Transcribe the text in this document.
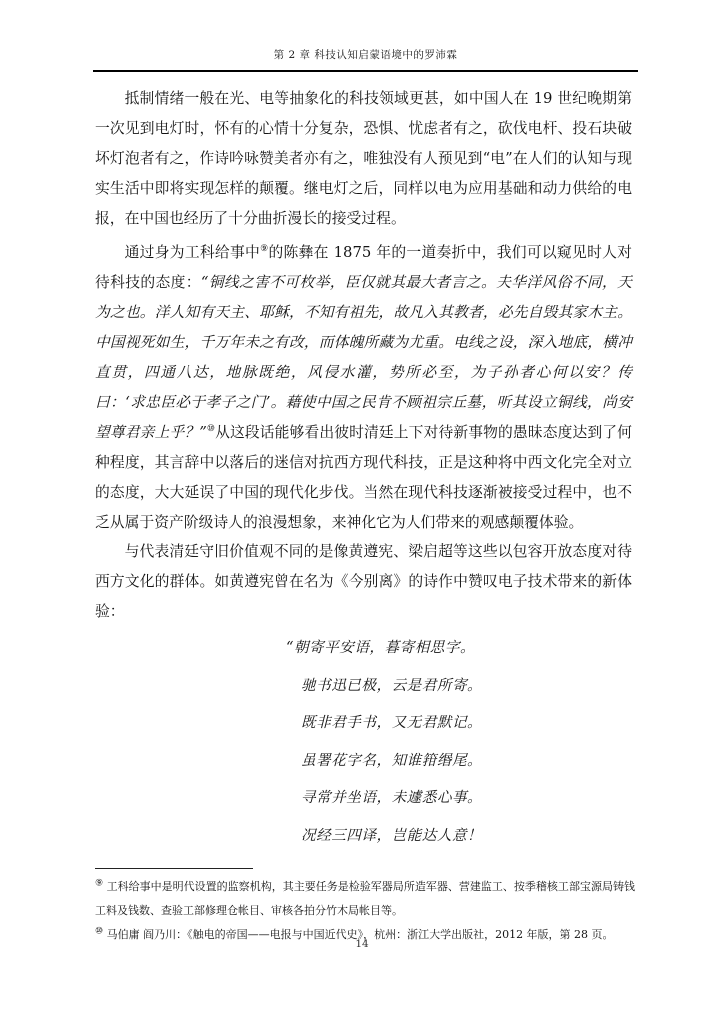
第 2 章 科技认知启蒙语境中的罗沛霖
抵制情绪一般在光、电等抽象化的科技领域更甚，如中国人在 19 世纪晚期第一次见到电灯时，怀有的心情十分复杂，恐惧、忧虑者有之，砍伐电杆、投石块破坏灯泡者有之，作诗吟咏赞美者亦有之，唯独没有人预见到“电”在人们的认知与现实生活中即将实现怎样的颠覆。继电灯之后，同样以电为应用基础和动力供给的电报，在中国也经历了十分曲折漫长的接受过程。
通过身为工科给事中⑨的陈彝在 1875 年的一道奏折中，我们可以窥见时人对待科技的态度：“铜线之害不可枚举，臣仅就其最大者言之。夫华洋风俗不同，天为之也。洋人知有天主、耶稣，不知有祖先，故凡入其教者，必先自毁其家木主。中国视死如生，千万年未之有改，而体魄所藏为尤重。电线之设，深入地底，横冲直贯，四通八达，地脉既绝，风侵水灌，势所必至，为子孙者心何以安？传曰：‘求忠臣必于孝子之门’。藉使中国之民肯不顾祖宗丘墓，听其设立铜线，尚安望尊君亲上乎？”⑩从这段话能够看出彼时清廷上下对待新事物的愚昧态度达到了何种程度，其言辞中以落后的迷信对抗西方现代科技，正是这种将中西文化完全对立的态度，大大延误了中国的现代化步伐。当然在现代科技逐渐被接受过程中，也不乏从属于资产阶级诗人的浪漫想象，来神化它为人们带来的观感颠覆体验。
与代表清廷守旧价值观不同的是像黄遵宪、梁启超等这些以包容开放态度对待西方文化的群体。如黄遵宪曾在名为《今别离》的诗作中赞叹电子技术带来的新体验：
“朝寄平安语，暮寄相思字。
驰书迅已极，云是君所寄。
既非君手书，又无君默记。
虽署花字名，知谁箝缗尾。
寻常并坐语，未遽悉心事。
况经三四译，岂能达人意！
⑨ 工科给事中是明代设置的监察机构，其主要任务是检验军器局所造军器、营建监工、按季稽核工部宝源局铸钱工料及钱数、查验工部修理仓帐目、审核各拍分竹木局帐目等。
⑩ 马伯庸 阎乃川：《触电的帝国——电报与中国近代史》，杭州：浙江大学出版社，2012 年版，第 28 页。
14
